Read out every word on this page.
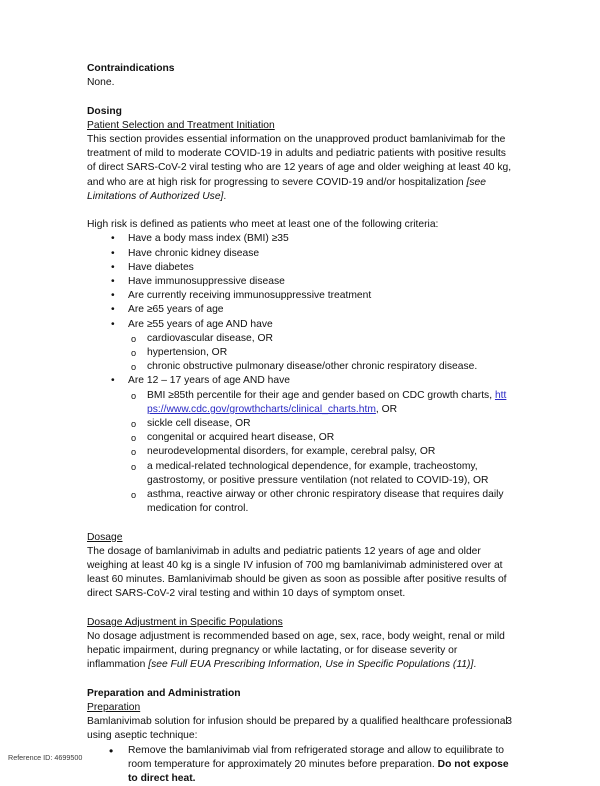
Contraindications

None.

Dosing
Patient Selection and Treatment Initiation

This section provides essential information on the unapproved product bamlanivimab for the treatment of mild to moderate COVID-19 in adults and pediatric patients with positive results of direct SARS-CoV-2 viral testing who are 12 years of age and older weighing at least 40 kg, and who are at high risk for progressing to severe COVID-19 and/or hospitalization [see Limitations of Authorized Use].

High risk is defined as patients who meet at least one of the following criteria:

• Have a body mass index (BMI) ≥35
• Have chronic kidney disease
• Have diabetes
• Have immunosuppressive disease
• Are currently receiving immunosuppressive treatment
• Are ≥65 years of age
• Are ≥55 years of age AND have
o cardiovascular disease, OR
o hypertension, OR
o chronic obstructive pulmonary disease/other chronic respiratory disease.
• Are 12 – 17 years of age AND have
o BMI ≥85th percentile for their age and gender based on CDC growth charts, https://www.cdc.gov/growthcharts/clinical_charts.htm, OR
o sickle cell disease, OR
o congenital or acquired heart disease, OR
o neurodevelopmental disorders, for example, cerebral palsy, OR
o a medical-related technological dependence, for example, tracheostomy, gastrostomy, or positive pressure ventilation (not related to COVID-19), OR
o asthma, reactive airway or other chronic respiratory disease that requires daily medication for control.
Dosage

The dosage of bamlanivimab in adults and pediatric patients 12 years of age and older weighing at least 40 kg is a single IV infusion of 700 mg bamlanivimab administered over at least 60 minutes. Bamlanivimab should be given as soon as possible after positive results of direct SARS-CoV-2 viral testing and within 10 days of symptom onset.

Dosage Adjustment in Specific Populations

No dosage adjustment is recommended based on age, sex, race, body weight, renal or mild hepatic impairment, during pregnancy or while lactating, or for disease severity or inflammation [see Full EUA Prescribing Information, Use in Specific Populations (11)].

Preparation and Administration
Preparation

Bamlanivimab solution for infusion should be prepared by a qualified healthcare professional using aseptic technique:

• Remove the bamlanivimab vial from refrigerated storage and allow to equilibrate to room temperature for approximately 20 minutes before preparation. Do not expose to direct heat.
3
Reference ID: 4699500
